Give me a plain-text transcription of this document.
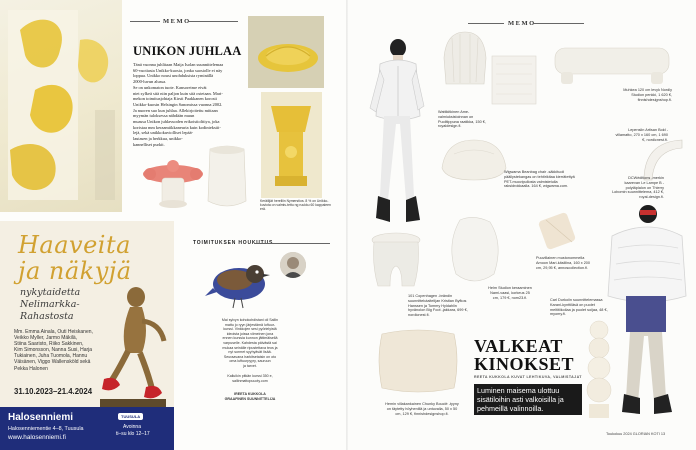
MEMO
UNIKON JUHLAA
Tänä vuonna juhlitaan Maija Isolan suunnittelemaa
60-vuotiasta Unikko-kuosia, jonka suosiolle ei näy
loppua. Unikko nousi unohduksista ryminällä
2000-luvun alussa.
Se on unkomaton tuote. Kansoreime eivät
niet sylkeä sitä niin paljon kuin sitä ostetaan. Mari-
mekon toimitusjohtaja Kirsti Paakkanen korosti
Unikko-kuosin Helsingin Sanomissa vuonna 2002.
Ja nuoren suo kun juhlaa. Allekirjoitettu mittaan
myymän tuloksessa nähdään muun
muassa Unikon juhlavuoden erikoistiolttiya, joka
koristaa mm keraamiikkaneuria kuin kodintekstii-
lejä, sekä unikkokuviolliset lepää-
lautasen ja herkkua, unikko-
kannelliset purkit.
Keräilijät herelliin Nymerstiva. 8 % on Unikko-kuviota on valmis-tettu ng ruukku 60 kappaleen erä.
Haaveita
ja näkyjä
nykytaidetta
Nelimarkka-
Rahastosta
Mm. Emma Ainala, Outi Heiskanen,
Veikko Myller, Jarmo Mäkilä,
Stiina Saaristo, Riiko Sakkinen,
Kim Simonsson, Nanna Susi, Harja
Tukiainen, Juha Tuomola, Hannu
Väisänen, Viggo Wallensköld sekä
Pekka Halonen
31.10.2023–21.4.2024
Halosenniemi
Halosenniementie 4–8, Tuusula
www.halosenniemi.fi
TUUSULA
Avoinna
ti–su klo 12–17
TOIMITUKSEN HOUKUTUS
Mai sylvyn kohokohdistani oli Sallin
mattu jo ryyn järjestämä luftuur-
kurssi. Vinkkojen sesi pyörielyistä
ideoista joissa viimeinen jona
ennen kurssia kunnon jättimäisellä
varpuselle. Kahdesta päivästä sai
mukaa seinälle ripustettava teos ja
nyt sormet syyhyävät lisää.
Seuraavana harkitsetaisin on oto
oma luftuurpyyry, sauruun
ja tarvet.
Kalluikin pitkän kurssi 350 e,
sallinmattopuuoty.com
IREETA KUKKOLA
GRAAFINEN SUUNNITTELIJA
MEMO
Muhkea 120 cm levyk Nordly Studion penkki, 1 620 €, finnishdesignshop.fi.
Wattikitkinen Ame-valmiuksistoinnan on Puolitippuna raatikka, 150 €, royaldesign.fi.
Lepenslin Artisan Bold -villamatto, 270 x 160 cm, 1 690 €, nordicnest.fi.
Wigwama Beanbag chair -säkkituoli päällystekangas on tehtirikitaa kierrätettyä PET-muovipullosta valmistetulla raksidrokkaalla. 164 €, wigwama.com.
DCWéditions -merkin kaarevan Le Lampe B -polytäplalon on Thierry Lobomin suunnittelema, 412 €, royal-design.fi.
101 Copenhagen -brändin suunnittelutaitelijan Kristian Byfkos Hanssen ja Tommy Hyldahlin hyvänolon Big Foot -jakkara, 699 €, nordicnest.fi.
Helm Studion keraaminen Nami-vaasi, korkeus 25 cm, 179 €, nom23.fi.
Puuvillainen mustonommella Amoon Mari-käsiliina, 160 x 200 cm, 29,95 €, annoscollection.fi.
Carl Durkoiin suunnittelemassa Karani-kynttiläsä on puolet meltitiikoilaa ja puolet soijaa, 48 €, myomy.fi.
Hemin villakankainen Chunky Bouclé -tyyny on täytetty höyhenillä ja untuvalla, 50 x 50 cm, 129 €, finnishdesignshop.fi.
VALKEAT
KINOKSET
REETA KUKKOLA KUVAT LEHTIKUVA, VALMISTAJAT
Luminen maisema ulottuu
sisätiloihin asti valkoisilla ja
pehmeillä valinnoilla.
Toukokuu 2024 GLORIAN KOTI 13
